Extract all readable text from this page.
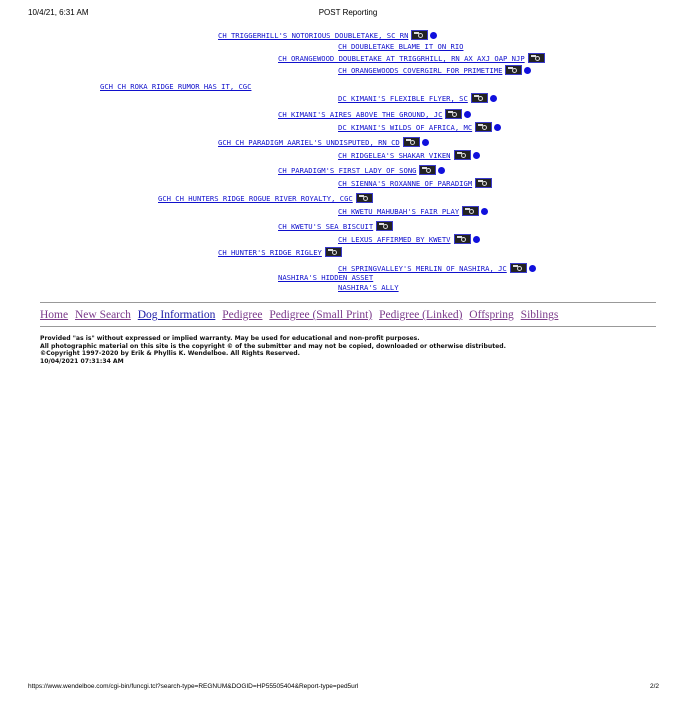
10/4/21, 6:31 AM	POST Reporting
CH TRIGGERHILL'S NOTORIOUS DOUBLETAKE, SC RN
CH DOUBLETAKE BLAME IT ON RIO
CH ORANGEWOOD DOUBLETAKE AT TRIGGRHILL, RN AX AXJ OAP NJP
CH ORANGEWOODS COVERGIRL FOR PRIMETIME
GCH CH ROKA RIDGE RUMOR HAS IT, CGC
DC KIMANI'S FLEXIBLE FLYER, SC
CH KIMANI'S AIRES ABOVE THE GROUND, JC
DC KIMANI'S WILDS OF AFRICA, MC
GCH CH PARADIGM AARIEL'S UNDISPUTED, RN CD
CH RIDGELEA'S SHAKAR VIKEN
CH PARADIGM'S FIRST LADY OF SONG
CH SIENNA'S ROXANNE OF PARADIGM
GCH CH HUNTERS RIDGE ROGUE RIVER ROYALTY, CGC
CH KWETU MAHUBAH'S FAIR PLAY
CH KWETU'S SEA BISCUIT
CH LEXUS AFFIRMED BY KWETV
CH HUNTER'S RIDGE RIGLEY
CH SPRINGVALLEY'S MERLIN OF NASHIRA, JC
NASHIRA'S HIDDEN ASSET
NASHIRA'S ALLY
Home New Search Dog Information Pedigree Pedigree (Small Print) Pedigree (Linked) Offspring Siblings
Provided "as is" without expressed or implied warranty. May be used for educational and non-profit purposes.
All photographic material on this site is the copyright © of the submitter and may not be copied, downloaded or otherwise distributed.
©Copyright 1997-2020 by Erik & Phyllis K. Wendelboe. All Rights Reserved.
10/04/2021 07:31:34 AM
https://www.wendelboe.com/cgi-bin/funcgi.tcl?search-type=REGNUM&DOGID=HP55505404&Report-type=ped5url	2/2
